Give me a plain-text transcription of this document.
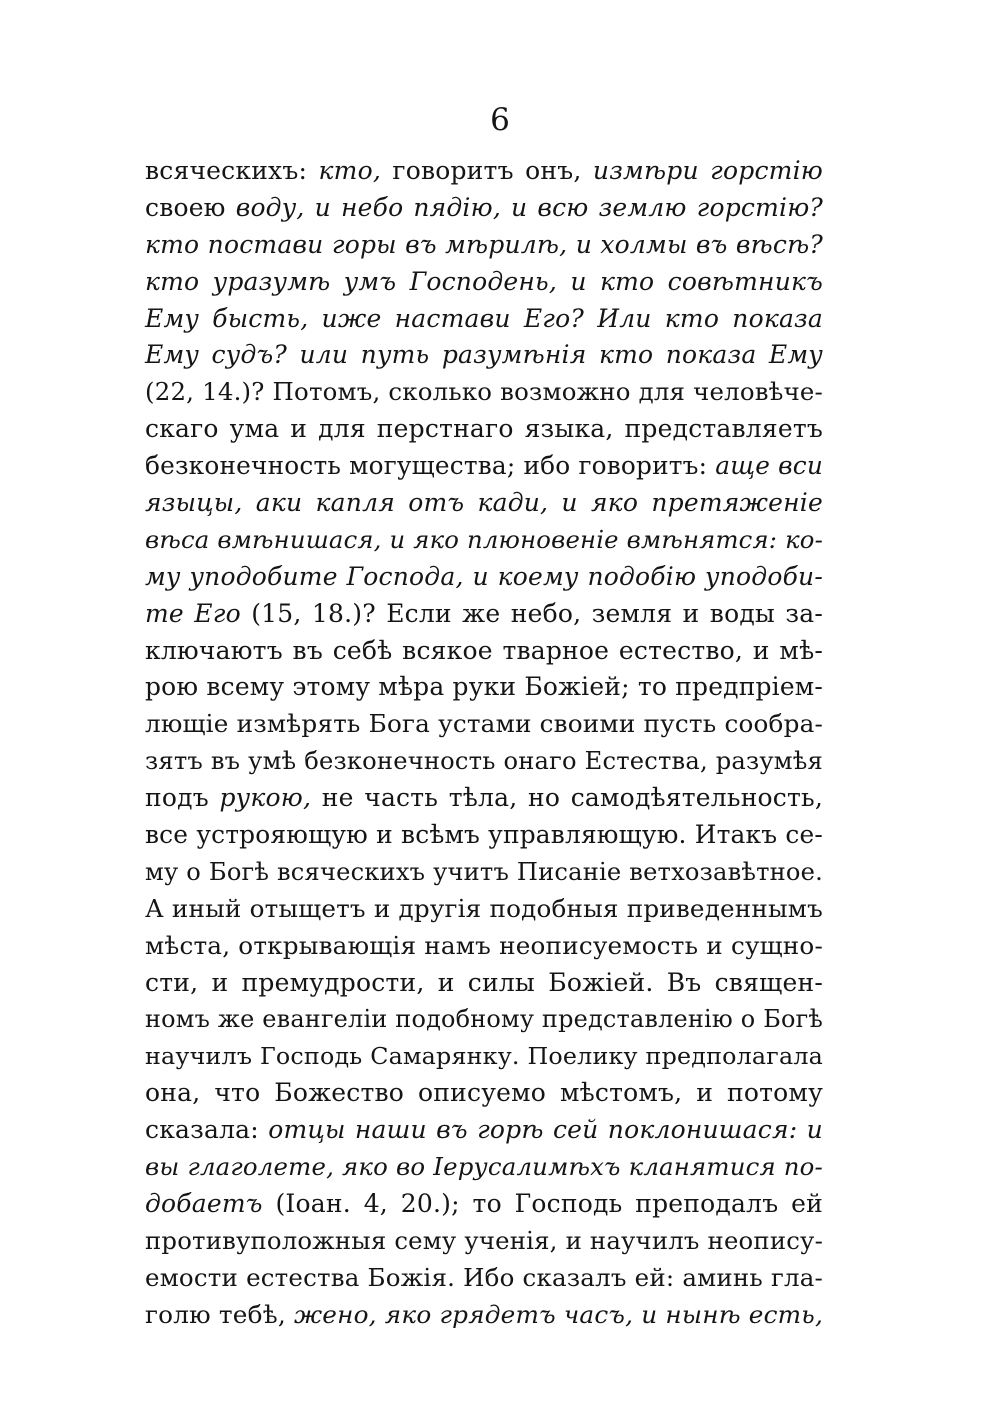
6
всяческихъ: кто, говоритъ онъ, измѣри горстію
своею воду, и небо пядію, и всю землю горстію?
кто постави горы въ мѣрилѣ, и холмы въ вѣсѣ?
кто уразумѣ умъ Господень, и кто совѣтникъ
Ему бысть, иже настави Его? Или кто показа
Ему судъ? или путь разумѣнія кто показа Ему
(22, 14.)? Потомъ, сколько возможно для человѣче-
скаго ума и для перстнаго языка, представляетъ
безконечность могущества; ибо говоритъ: аще вси
языцы, аки капля отъ кади, и яко претяженіе
вѣса вмѣнишася, и яко плюновеніе вмѣнятся: ко-
му уподобите Господа, и коему подобію уподоби-
те Его (15, 18.)? Если же небо, земля и воды за-
ключаютъ въ себѣ всякое тварное естество, и мѣ-
рою всему этому мѣра руки Божіей; то предпріем-
лющіе измѣрять Бога устами своими пусть сообра-
зятъ въ умѣ безконечность онаго Естества, разумѣя
подъ рукою, не часть тѣла, но самодѣятельность,
все устрояющую и всѣмъ управляющую. Итакъ се-
му о Богѣ всяческихъ учитъ Писаніе ветхозавѣтное.
А иный отыщетъ и другія подобныя приведеннымъ
мѣста, открывающія намъ неописуемость и сущно-
сти, и премудрости, и силы Божіей. Въ священ-
номъ же евангеліи подобному представленію о Богѣ
научилъ Господь Самарянку. Поелику предполагала
она, что Божество описуемо мѣстомъ, и потому
сказала: отцы наши въ горѣ сей поклонишася: и
вы глаголете, яко во Іерусалимѣхъ кланятися по-
добаетъ (Іоан. 4, 20.); то Господь преподалъ ей
противуположныя сему ученія, и научилъ неопису-
емости естества Божія. Ибо сказалъ ей: аминь гла-
голю тебѣ, жено, яко грядетъ часъ, и нынѣ есть,
